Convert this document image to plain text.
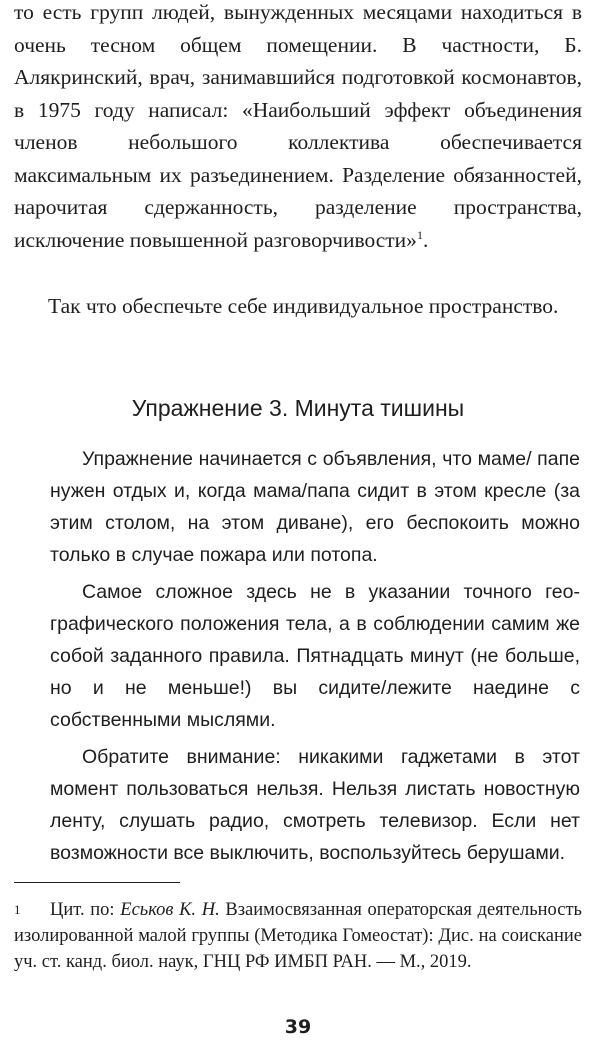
то есть групп людей, вынужденных месяцами находиться в очень тесном общем помещении. В частности, Б. Алякринский, врач, занимавшийся подготовкой космонавтов, в 1975 году написал: «Наибольший эффект объединения членов небольшого коллектива обеспечивается максимальным их разъединением. Разделение обязанностей, нарочитая сдержанность, разделение пространства, исключение повышенной разговорчивости»$^1$.
Так что обеспечьте себе индивидуальное пространство.
Упражнение 3. Минута тишины

Упражнение начинается с объявления, что маме/ папе нужен отдых и, когда мама/папа сидит в этом кресле (за этим столом, на этом диване), его беспокоить можно только в случае пожара или потопа.

Самое сложное здесь не в указании точного географического положения тела, а в соблюдении самим же собой заданного правила. Пятнадцать минут (не больше, но и не меньше!) вы сидите/лежите наедине с собственными мыслями.

Обратите внимание: никакими гаджетами в этот момент пользоваться нельзя. Нельзя листать новостную ленту, слушать радио, смотреть телевизор. Если нет возможности все выключить, воспользуйтесь берушами.

1 Цит. по: Еськов К. Н. Взаимосвязанная операторская деятельность изолированной малой группы (Методика Гомеостат): Дис. на соискание уч. ст. канд. биол. наук, ГНЦ РФ ИМБП РАН. — М., 2019.
39
